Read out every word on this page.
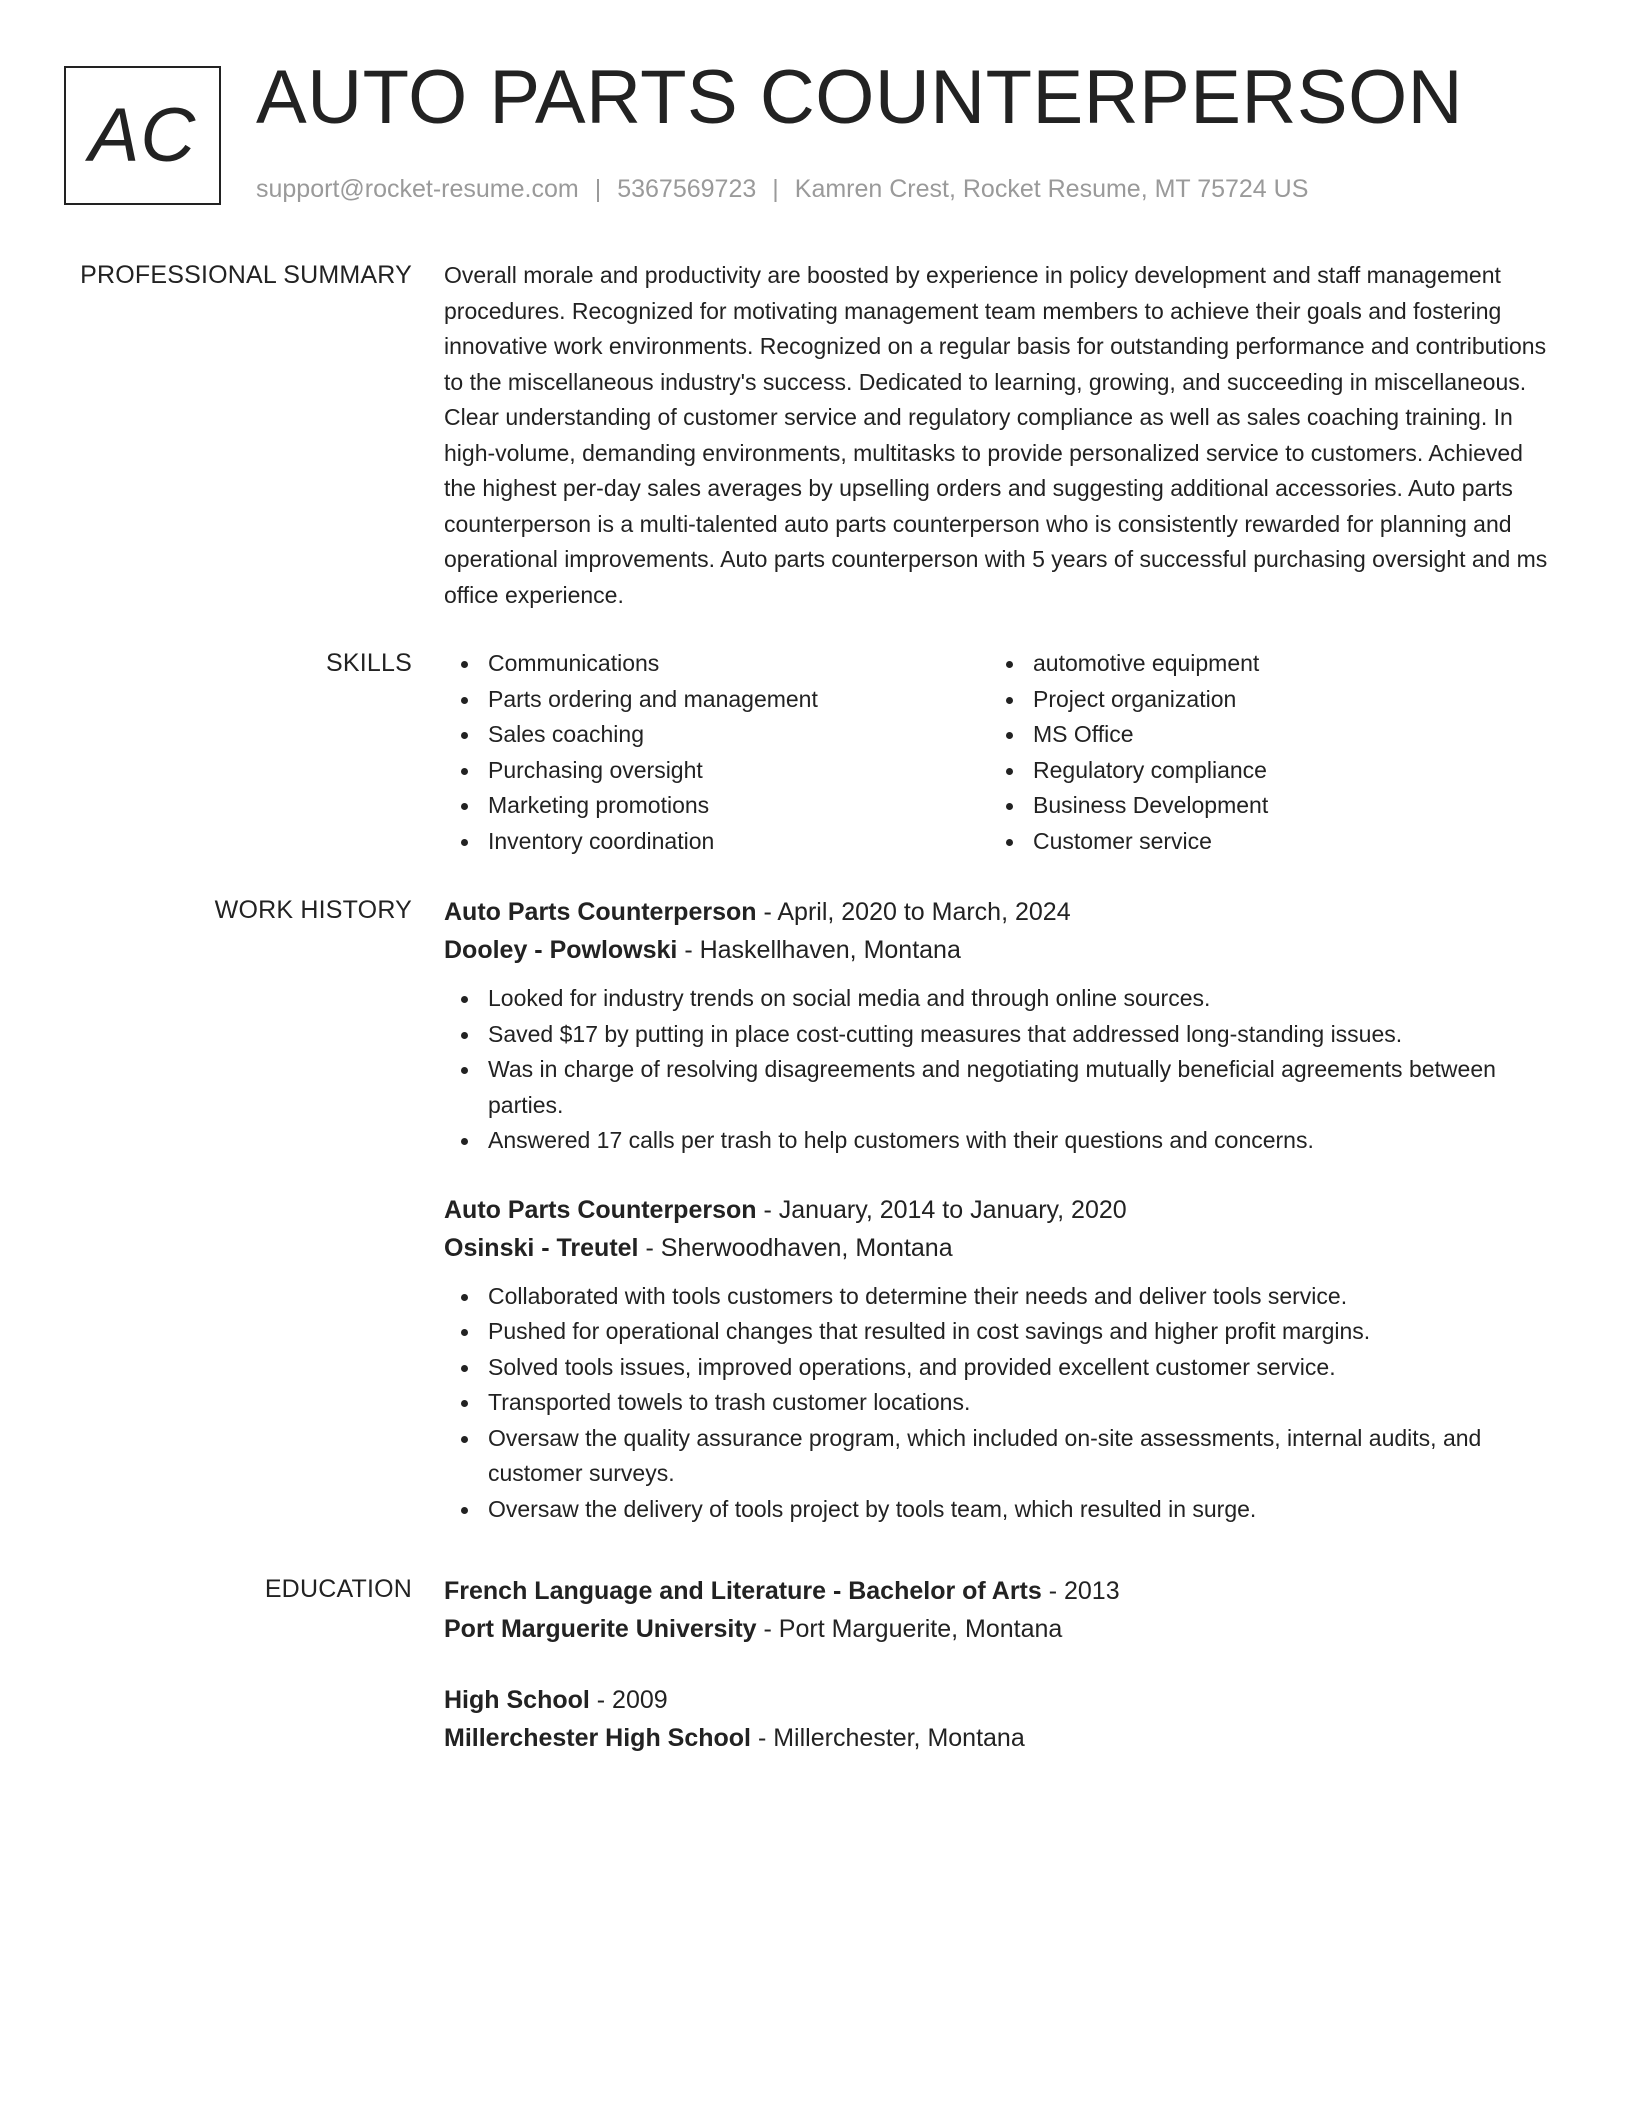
AC AUTO PARTS COUNTERPERSON
support@rocket-resume.com | 5367569723 | Kamren Crest, Rocket Resume, MT 75724 US
PROFESSIONAL SUMMARY Overall morale and productivity are boosted by experience in policy development and staff management procedures. Recognized for motivating management team members to achieve their goals and fostering innovative work environments. Recognized on a regular basis for outstanding performance and contributions to the miscellaneous industry's success. Dedicated to learning, growing, and succeeding in miscellaneous. Clear understanding of customer service and regulatory compliance as well as sales coaching training. In high-volume, demanding environments, multitasks to provide personalized service to customers. Achieved the highest per-day sales averages by upselling orders and suggesting additional accessories. Auto parts counterperson is a multi-talented auto parts counterperson who is consistently rewarded for planning and operational improvements. Auto parts counterperson with 5 years of successful purchasing oversight and ms office experience.

SKILLS	Communications
Parts ordering and management
Sales coaching
Purchasing oversight
Marketing promotions
Inventory coordination
automotive equipment
Project organization
MS Office
Regulatory compliance
Business Development
Customer service
WORK HISTORY Auto Parts Counterperson - April, 2020 to March, 2024
Dooley - Powlowski - Haskellhaven, Montana
Looked for industry trends on social media and through online sources.
Saved $17 by putting in place cost-cutting measures that addressed long-standing issues.
Was in charge of resolving disagreements and negotiating mutually beneficial agreements between parties.
Answered 17 calls per trash to help customers with their questions and concerns.
Auto Parts Counterperson - January, 2014 to January, 2020
Osinski - Treutel - Sherwoodhaven, Montana
Collaborated with tools customers to determine their needs and deliver tools service.
Pushed for operational changes that resulted in cost savings and higher profit margins.
Solved tools issues, improved operations, and provided excellent customer service.
Transported towels to trash customer locations.
Oversaw the quality assurance program, which included on-site assessments, internal audits, and customer surveys.
Oversaw the delivery of tools project by tools team, which resulted in surge.
EDUCATION French Language and Literature - Bachelor of Arts - 2013
Port Marguerite University - Port Marguerite, Montana
High School - 2009
Millerchester High School - Millerchester, Montana
